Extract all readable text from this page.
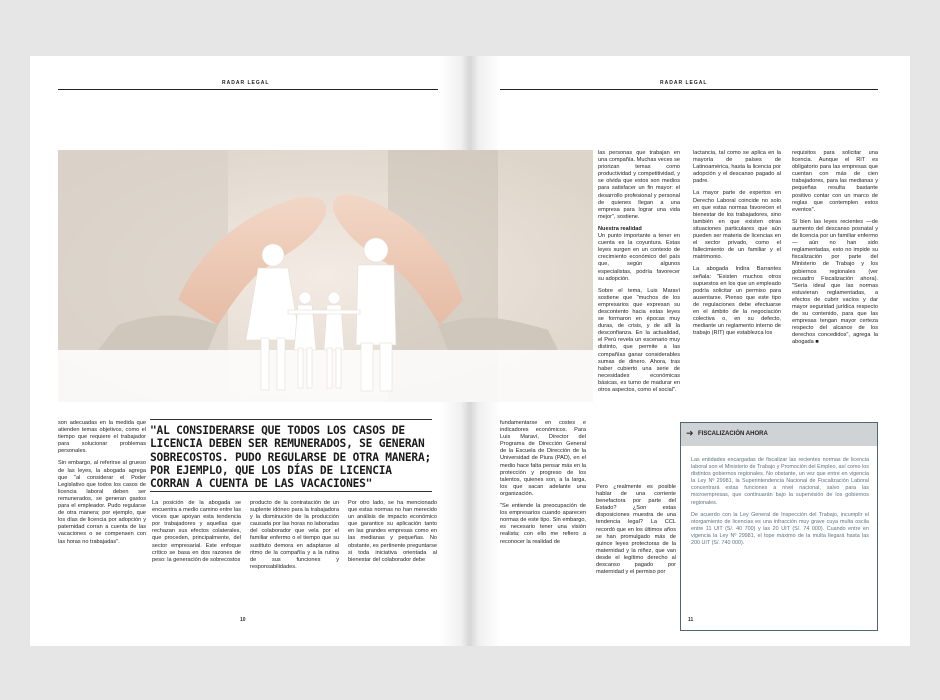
RADAR LEGAL	RADAR LEGAL

son adecuadas en la medida que atienden temas objetivos, como el tiempo que requiere el trabajador para solucionar problemas personales.

Sin embargo, al referirse al grueso de las leyes, la abogada agrega que "al considerar el Poder Legislativo que todos los casos de licencia laboral deben ser remunerados, se generan gastos para el empleador. Pudo regularse de otra manera; por ejemplo, que los días de licencia por adopción y paternidad corran a cuenta de las vacaciones o se compensen con las horas no trabajadas".

"AL CONSIDERARSE QUE TODOS LOS CASOS DE LICENCIA DEBEN SER REMUNERADOS, SE GENERAN SOBRECOSTOS. PUDO REGULARSE DE OTRA MANERA; POR EJEMPLO, QUE LOS DÍAS DE LICENCIA CORRAN A CUENTA DE LAS VACACIONES"

La posición de la abogada se encuentra a medio camino entre las voces que apoyan esta tendencia por trabajadores y aquellas que rechazan sus efectos colaterales, que proceden, principalmente, del sector empresarial. Este enfoque crítico se basa en dos razones de peso: la generación de sobrecostos

producto de la contratación de un suplente idóneo para la trabajadora y la disminución de la producción causada por las horas no laboradas del colaborador que vela por el familiar enfermo o el tiempo que su sustituto demora en adaptarse al ritmo de la compañía y a la rutina de sus funciones y responsabilidades.

Por otro lado, se ha mencionado que estas normas no han merecido un análisis de impacto económico que garantice su aplicación tanto en las grandes empresas como en las medianas y pequeñas. No obstante, es pertinente preguntarse si toda iniciativa orientada al bienestar del colaborador debe

las personas que trabajan en una compañía. Muchas veces se priorizan temas como productividad y competitividad, y se olvida que estos son medios para satisfacer un fin mayor: el desarrollo profesional y personal de quienes llegan a una empresa para lograr una vida mejor", sostiene.

Nuestra realidad

Un punto importante a tener en cuenta es la coyuntura. Estas leyes surgen en un contexto de crecimiento económico del país que, según algunos especialistas, podría favorecer su adopción.

Sobre el tema, Luis Maraví sostiene que "muchos de los empresarios que expresan su descontento hacia estas leyes se formaron en épocas muy duras, de crisis, y de allí la desconfianza. En la actualidad, el Perú revela un escenario muy distinto, que permite a las compañías ganar considerables sumas de dinero. Ahora, tras haber cubierto una serie de necesidades económicas básicas, es turno de madurar en otros aspectos, como el social".

fundamentarse en costes e indicadores económicos. Para Luis Maraví, Director del Programa de Dirección General de la Escuela de Dirección de la Universidad de Piura (PAD), en el medio hace falta pensar más en la protección y progreso de los talentos, quienes son, a la larga, los que sacan adelante una organización.

"Se entiende la preocupación de los empresarios cuando aparecen normas de este tipo. Sin embargo, es necesario tener una visión realista; con ello me refiero a reconocer la realidad de

lactancia, tal como se aplica en la mayoría de países de Latinoamérica, hasta la licencia por adopción y el descanso pagado al padre.

La mayor parte de expertos en Derecho Laboral coincide no solo en que estas normas favorecen el bienestar de los trabajadores, sino también en que existen otras situaciones particulares que aún pueden ser materia de licencias en el sector privado, como el fallecimiento de un familiar y el matrimonio.

La abogada Indira Barrantes señala: "Existen muchos otros supuestos en los que un empleado podría solicitar un permiso para ausentarse. Pienso que este tipo de regulaciones debe efectuarse en el ámbito de la negociación colectiva o, en su defecto, mediante un reglamento interno de trabajo (RIT) que establezca los

Pero ¿realmente es posible hablar de una corriente benefactora por parte del Estado? ¿Son estas disposiciones muestra de una tendencia legal? La CCL recordó que en los últimos años se han promulgado más de quince leyes protectoras de la maternidad y la niñez, que van desde el legítimo derecho al descanso pagado por maternidad y el permiso por

requisitos para solicitar una licencia. Aunque el RIT es obligatorio para las empresas que cuentan con más de cien trabajadores, para las medianas y pequeñas resulta bastante positivo contar con un marco de reglas que contemplen estos eventos".

Si bien las leyes recientes —de aumento del descanso posnatal y de licencia por un familiar enfermo— aún no han sido reglamentadas, esto no impide su fiscalización por parte del Ministerio de Trabajo y los gobiernos regionales (ver recuadro Fiscalización ahora). "Sería ideal que las normas estuvieran reglamentadas, a efectos de cubrir vacíos y dar mayor seguridad jurídica respecto de su contenido, para que las empresas tengan mayor certeza respecto del alcance de los derechos concedidos", agrega la abogada ■

➜ FISCALIZACIÓN AHORA

Las entidades encargadas de fiscalizar las recientes normas de licencia laboral son el Ministerio de Trabajo y Promoción del Empleo, así como los distintos gobiernos regionales. No obstante, un vez que entre en vigencia la Ley Nº 29981, la Superintendencia Nacional de Fiscalización Laboral concentrará estas funciones a nivel nacional, salvo para las microempresas, que continuarán bajo la supervisión de los gobiernos regionales.

De acuerdo con la Ley General de Inspección del Trabajo, incumplir el otorgamiento de licencias es una infracción muy grave cuya multa oscila entre 11 UIT (S/. 40 700) y las 20 UIT (S/. 74 000). Cuando entre en vigencia la Ley Nº 29981, el tope máximo de la multa llegará hasta las 200 UIT (S/. 740 000).

10	11
